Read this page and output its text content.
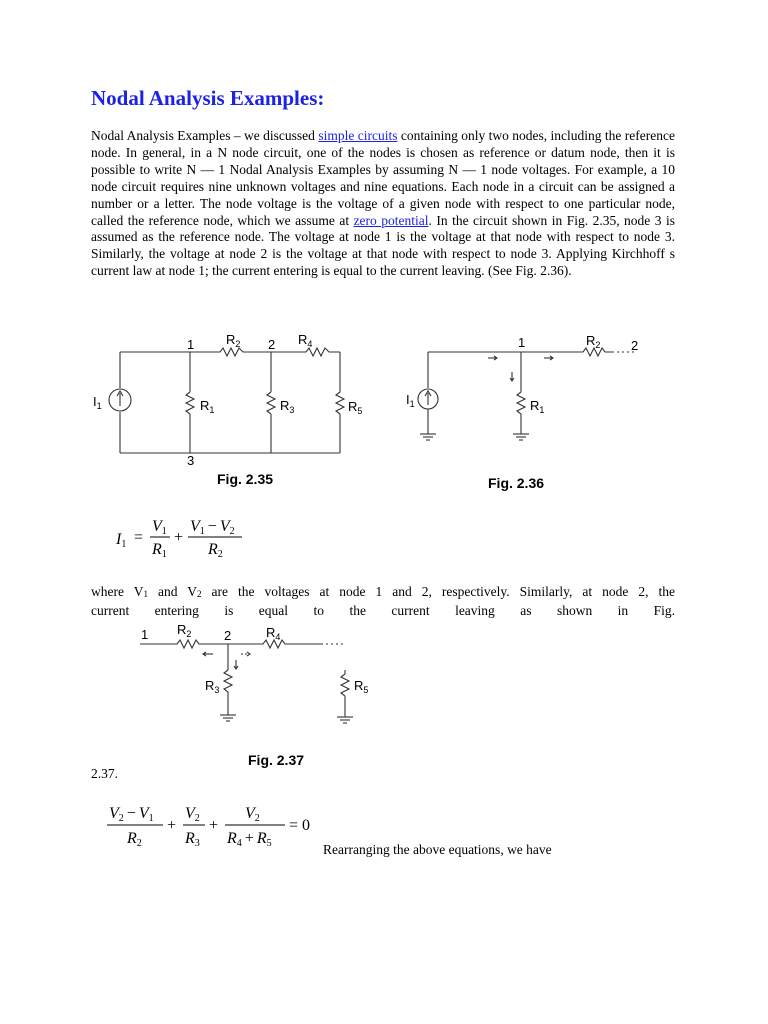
Nodal Analysis Examples:

Nodal Analysis Examples – we discussed simple circuits containing only two nodes, including the reference node. In general, in a N node circuit, one of the nodes is chosen as reference or datum node, then it is possible to write N — 1 Nodal Analysis Examples by assuming N — 1 node voltages. For example, a 10 node circuit requires nine unknown voltages and nine equations. Each node in a circuit can be assigned a number or a letter. The node voltage is the voltage of a given node with respect to one particular node, called the reference node, which we assume at zero potential. In the circuit shown in Fig. 2.35, node 3 is assumed as the reference node. The voltage at node 1 is the voltage at that node with respect to node 3. Similarly, the voltage at node 2 is the voltage at that node with respect to node 3. Applying Kirchhoff s current law at node 1; the current entering is equal to the current leaving. (See Fig. 2.36).

$I_1$
1	2
3
$R_2$	$R_4$
$R_1$	$R_3$	$R_5$
Fig. 2.35
$I_1$
1	2
$R_2$
$R_1$
Fig. 2.36
I1 =
V1
R1
+
V1 − V2
R2

where V1 and V2 are the voltages at node 1 and 2, respectively. Similarly, at node 2, the
current entering is equal to the current leaving as shown in Fig.

1	2
$R_2$	$R_4$
$R_3$	$R_5$
Fig. 2.37
2.37.
V2 − V1
R2
+
V2
R3
+
V2
R4 + R5
= 0
Rearranging the above equations, we have
